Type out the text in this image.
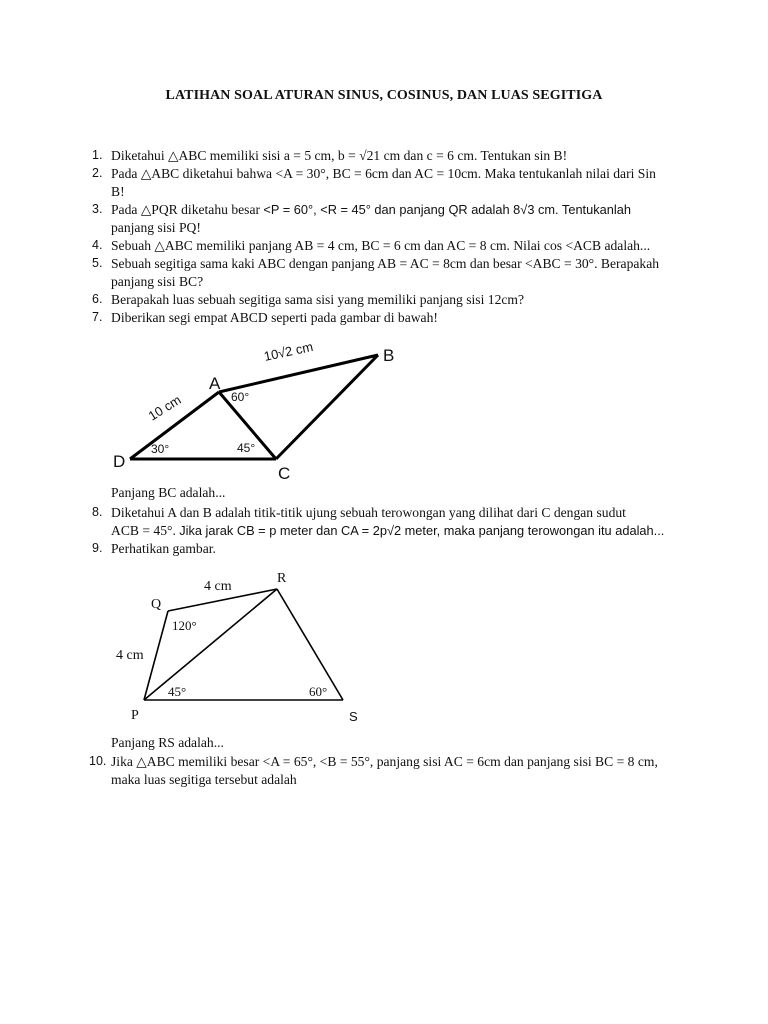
LATIHAN SOAL ATURAN SINUS, COSINUS, DAN LUAS SEGITIGA
1. Diketahui △ABC memiliki sisi a = 5 cm, b = √21 cm dan c = 6 cm. Tentukan sin B!
2. Pada △ABC diketahui bahwa <A = 30°, BC = 6cm dan AC = 10cm. Maka tentukanlah nilai dari Sin B!
3. Pada △PQR diketahu besar <P = 60°, <R = 45° dan panjang QR adalah 8√3 cm. Tentukanlah
panjang sisi PQ!
4. Sebuah △ABC memiliki panjang AB = 4 cm, BC = 6 cm dan AC = 8 cm. Nilai cos <ACB adalah...
5. Sebuah segitiga sama kaki ABC dengan panjang AB = AC = 8cm dan besar <ABC = 30°. Berapakah panjang sisi BC?
6. Berapakah luas sebuah segitiga sama sisi yang memiliki panjang sisi 12cm?
7. Diberikan segi empat ABCD seperti pada gambar di bawah!
D
A
B
C
10√2 cm
10 cm	60°
30°	45°
Panjang BC adalah...
8. Diketahui A dan B adalah titik-titik ujung sebuah terowongan yang dilihat dari C dengan sudut
ACB = 45°. Jika jarak CB = p meter dan CA = 2p√2 meter, maka panjang terowongan itu adalah...
9. Perhatikan gambar.
P
Q
R
S
4 cm
4 cm
120°
45°	60°
Panjang RS adalah...
10. Jika △ABC memiliki besar <A = 65°, <B = 55°, panjang sisi AC = 6cm dan panjang sisi BC = 8 cm, maka luas segitiga tersebut adalah
